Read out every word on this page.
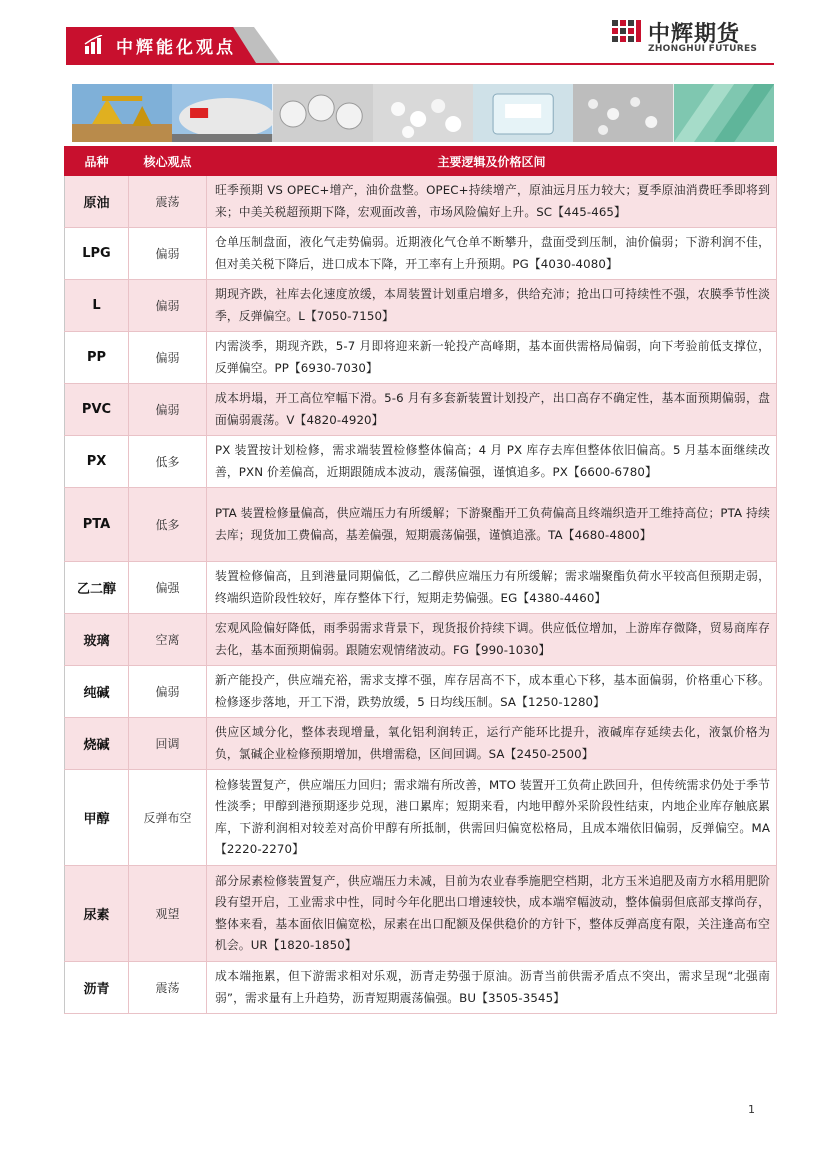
中辉能化观点
中辉期货
ZHONGHUI FUTURES
品种	核心观点	主要逻辑及价格区间
原油	震荡	旺季预期 VS OPEC+增产，油价盘整。OPEC+持续增产，原油远月压力较大；夏季原油消费旺季即将到来；中美关税超预期下降，宏观面改善，市场风险偏好上升。SC【445-465】
LPG	偏弱	仓单压制盘面，液化气走势偏弱。近期液化气仓单不断攀升，盘面受到压制，油价偏弱；下游利润不佳，但对美关税下降后，进口成本下降，开工率有上升预期。PG【4030-4080】
L	偏弱	期现齐跌，社库去化速度放缓，本周装置计划重启增多，供给充沛；抢出口可持续性不强，农膜季节性淡季，反弹偏空。L【7050-7150】
PP	偏弱	内需淡季，期现齐跌，5-7 月即将迎来新一轮投产高峰期，基本面供需格局偏弱，向下考验前低支撑位，反弹偏空。PP【6930-7030】
PVC	偏弱	成本坍塌，开工高位窄幅下滑。5-6 月有多套新装置计划投产，出口高存不确定性，基本面预期偏弱，盘面偏弱震荡。V【4820-4920】
PX	低多	PX 装置按计划检修，需求端装置检修整体偏高；4 月 PX 库存去库但整体依旧偏高。5 月基本面继续改善，PXN 价差偏高，近期跟随成本波动，震荡偏强，谨慎追多。PX【6600-6780】
PTA	低多	PTA 装置检修量偏高，供应端压力有所缓解；下游聚酯开工负荷偏高且终端织造开工维持高位；PTA 持续去库；现货加工费偏高，基差偏强，短期震荡偏强，谨慎追涨。TA【4680-4800】
乙二醇	偏强	装置检修偏高，且到港量同期偏低，乙二醇供应端压力有所缓解；需求端聚酯负荷水平较高但预期走弱，终端织造阶段性较好，库存整体下行，短期走势偏强。EG【4380-4460】
玻璃	空离	宏观风险偏好降低，雨季弱需求背景下，现货报价持续下调。供应低位增加，上游库存微降，贸易商库存去化，基本面预期偏弱。跟随宏观情绪波动。FG【990-1030】
纯碱	偏弱	新产能投产，供应端充裕，需求支撑不强，库存居高不下，成本重心下移，基本面偏弱，价格重心下移。检修逐步落地，开工下滑，跌势放缓，5 日均线压制。SA【1250-1280】
烧碱	回调	供应区域分化，整体表现增量，氧化铝利润转正，运行产能环比提升，液碱库存延续去化，液氯价格为负，氯碱企业检修预期增加，供增需稳，区间回调。SA【2450-2500】
甲醇	反弹布空	检修装置复产，供应端压力回归；需求端有所改善，MTO 装置开工负荷止跌回升，但传统需求仍处于季节性淡季；甲醇到港预期逐步兑现，港口累库；短期来看，内地甲醇外采阶段性结束，内地企业库存触底累库，下游利润相对较差对高价甲醇有所抵制，供需回归偏宽松格局，且成本端依旧偏弱，反弹偏空。MA【2220-2270】
尿素	观望	部分尿素检修装置复产，供应端压力未减，目前为农业春季施肥空档期，北方玉米追肥及南方水稻用肥阶段有望开启，工业需求中性，同时今年化肥出口增速较快，成本端窄幅波动，整体偏弱但底部支撑尚存，整体来看，基本面依旧偏宽松，尿素在出口配额及保供稳价的方针下，整体反弹高度有限，关注逢高布空机会。UR【1820-1850】
沥青	震荡	成本端拖累，但下游需求相对乐观，沥青走势强于原油。沥青当前供需矛盾点不突出，需求呈现“北强南弱”，需求量有上升趋势，沥青短期震荡偏强。BU【3505-3545】
1
